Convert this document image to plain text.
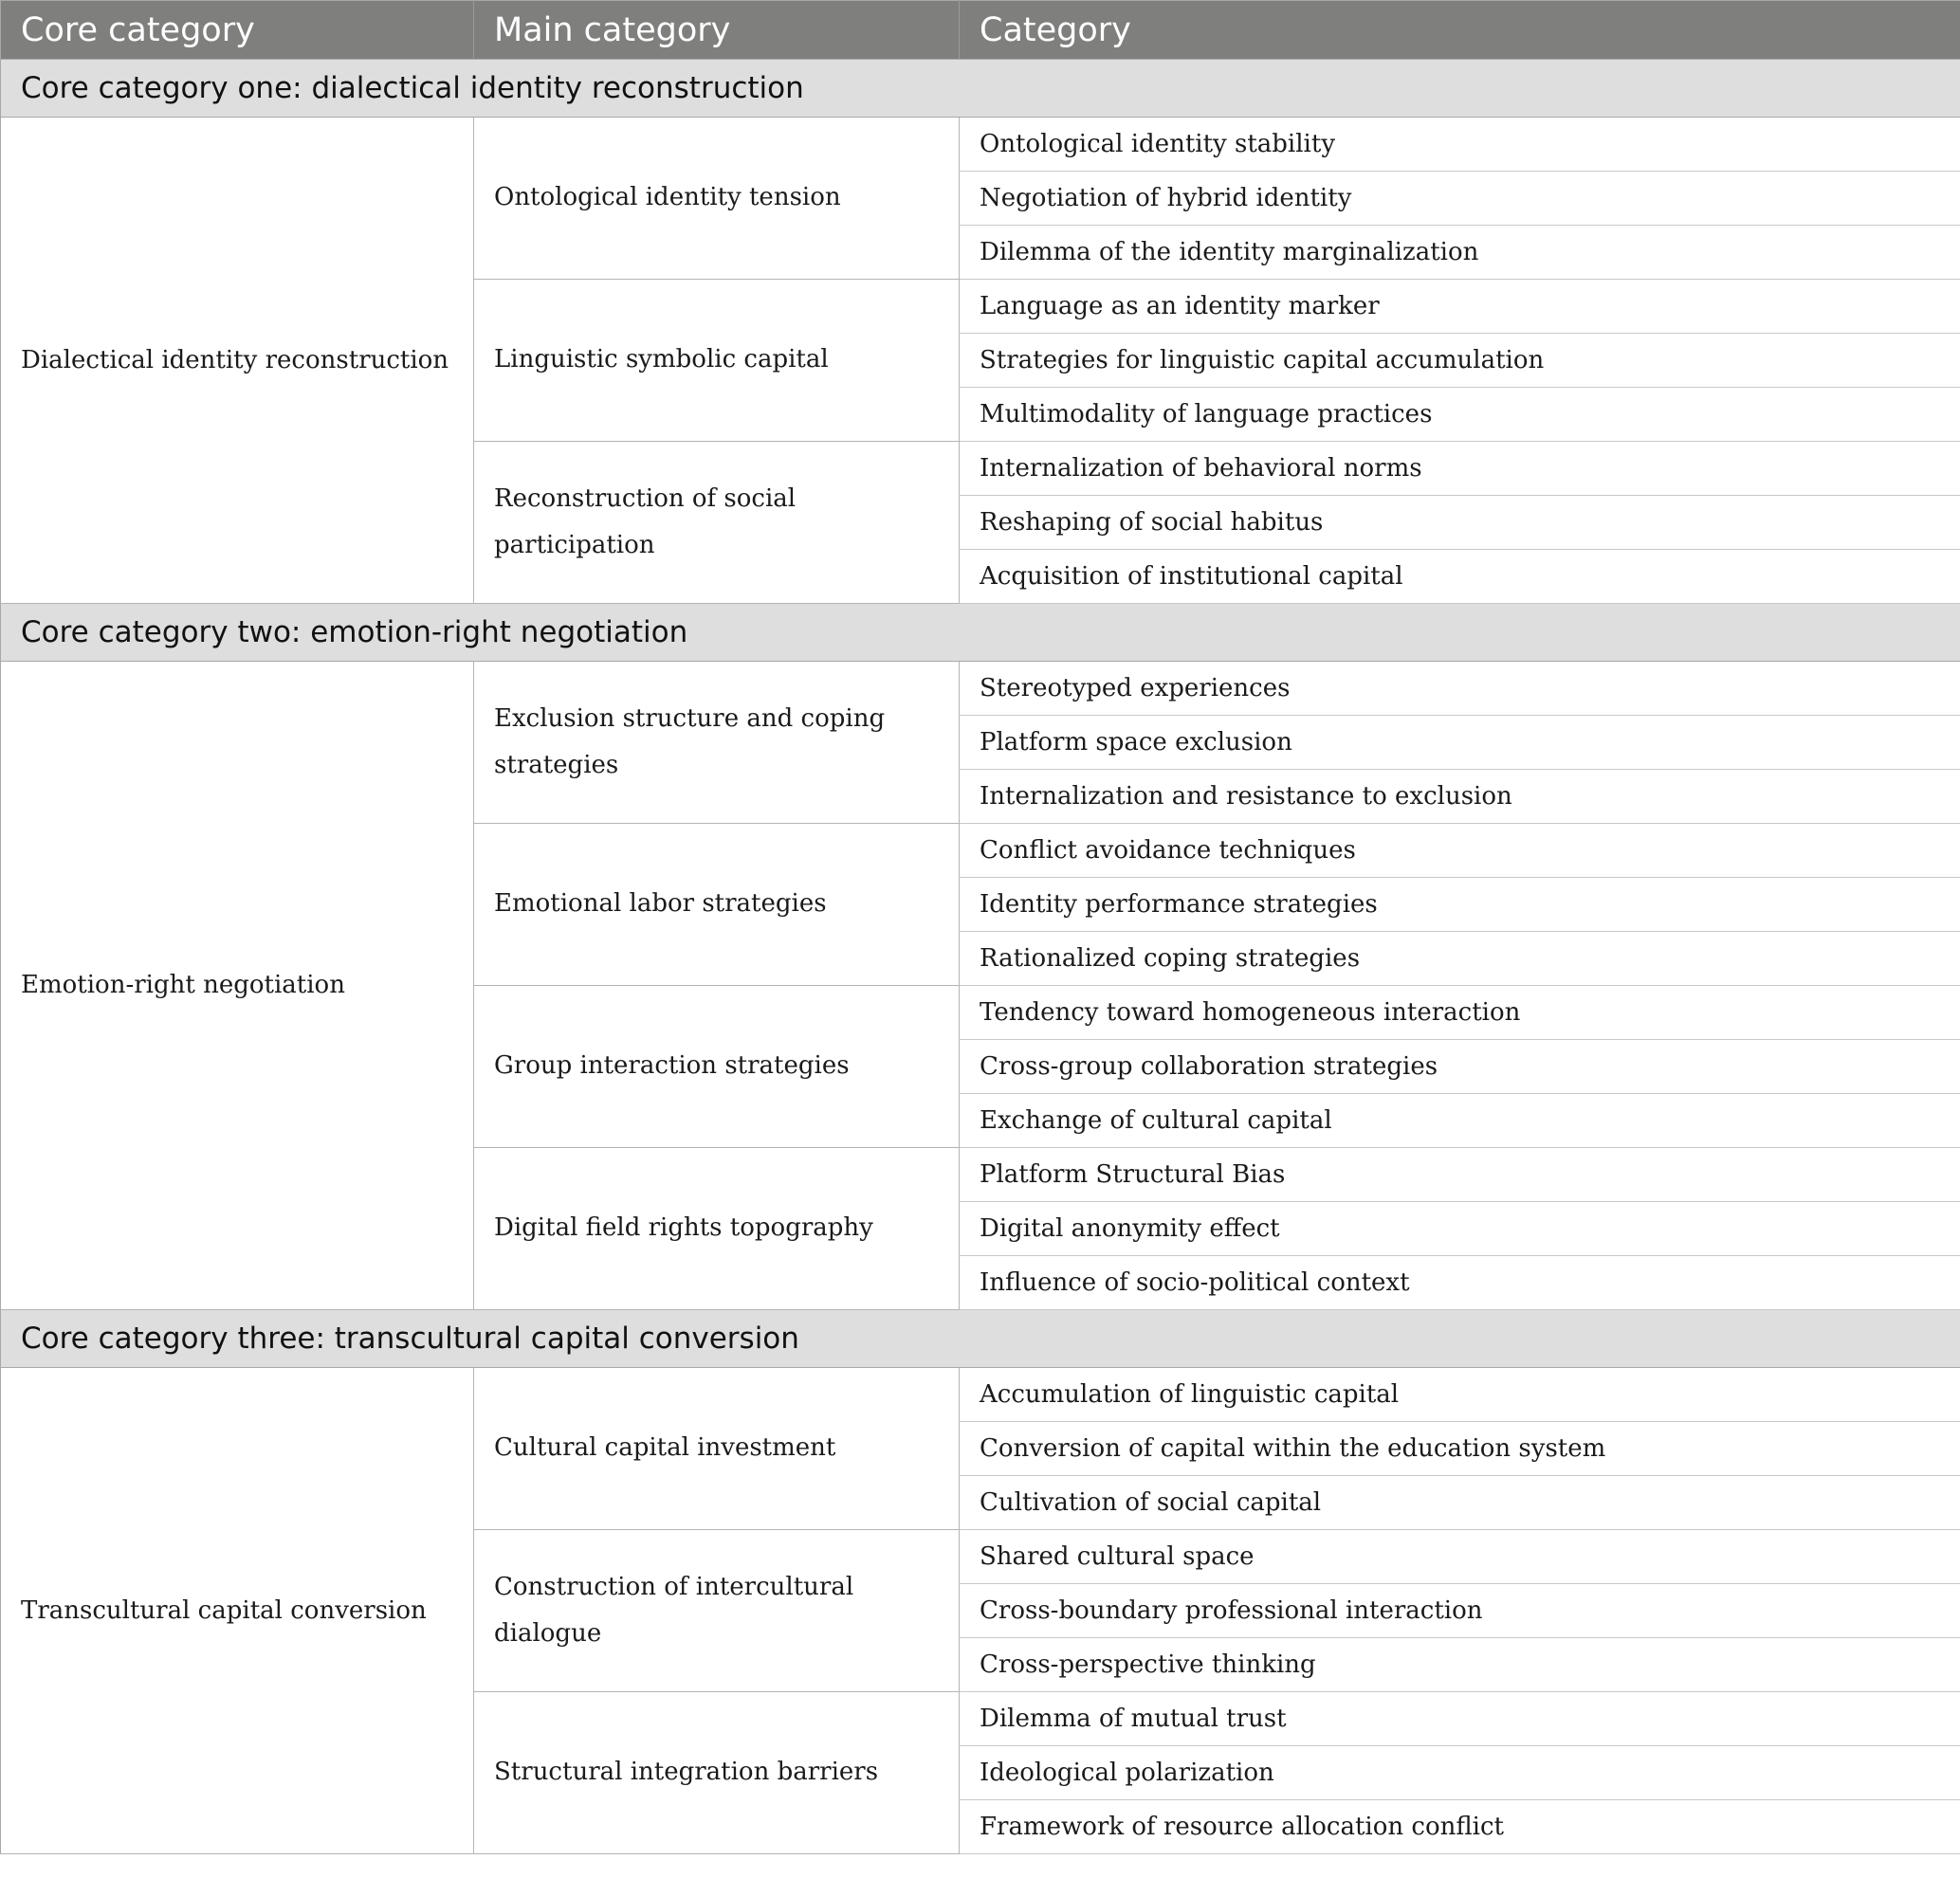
Core category	Main category	Category
Core category one: dialectical identity reconstruction		
Dialectical identity reconstruction	Ontological identity tension	Ontological identity stability
		Negotiation of hybrid identity
		Dilemma of the identity marginalization
	Linguistic symbolic capital	Language as an identity marker
		Strategies for linguistic capital accumulation
		Multimodality of language practices
	Reconstruction of social participation	Internalization of behavioral norms
		Reshaping of social habitus
		Acquisition of institutional capital
Core category two: emotion-right negotiation		
Emotion-right negotiation	Exclusion structure and coping strategies	Stereotyped experiences
		Platform space exclusion
		Internalization and resistance to exclusion
	Emotional labor strategies	Conflict avoidance techniques
		Identity performance strategies
		Rationalized coping strategies
	Group interaction strategies	Tendency toward homogeneous interaction
		Cross-group collaboration strategies
		Exchange of cultural capital
	Digital field rights topography	Platform Structural Bias
		Digital anonymity effect
		Influence of socio-political context
Core category three: transcultural capital conversion		
Transcultural capital conversion	Cultural capital investment	Accumulation of linguistic capital
		Conversion of capital within the education system
		Cultivation of social capital
	Construction of intercultural dialogue	Shared cultural space
		Cross-boundary professional interaction
		Cross-perspective thinking
	Structural integration barriers	Dilemma of mutual trust
		Ideological polarization
		Framework of resource allocation conflict
